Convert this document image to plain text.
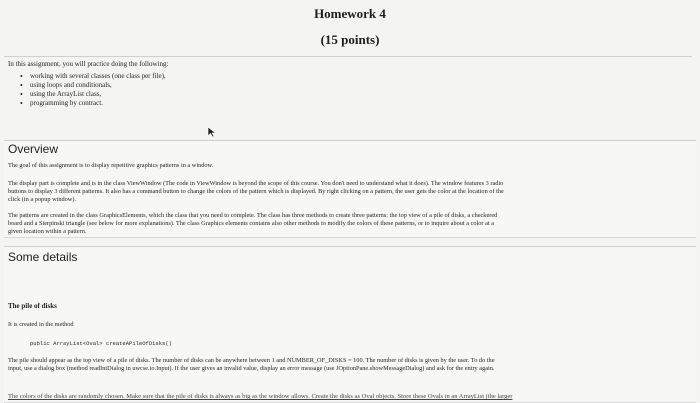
Homework 4
(15 points)
In this assignment, you will practice doing the following:
• working with several classes (one class per file),
• using loops and conditionals,
• using the ArrayList class,
• programming by contract.
Overview
The goal of this assignment is to display repetitive graphics patterns in a window.
The display part is complete and is in the class ViewWindow (The code in ViewWindow is beyond the scope of this course. You don't need to understand what it does). The window features 3 radio
buttons to display 3 different patterns. It also has a command button to change the colors of the pattern which is displayed. By right clicking on a pattern, the user gets the color at the location of the
click (in a popup window).
The patterns are created in the class GraphicsElements, which the class that you need to complete. The class has three methods to create three patterns: the top view of a pile of disks, a checkered
board and a Sierpinski triangle (see below for more explanations). The class Graphics elements contains also other methods to modify the colors of these patterns, or to inquire about a color at a
given location within a pattern.
Some details
The pile of disks
It is created in the method
public ArrayList<Oval> createAPileOfDisks()
The pile should appear as the top view of a pile of disks. The number of disks can be anywhere between 1 and NUMBER_OF_DISKS = 100. The number of disks is given by the user. To do the
input, use a dialog box (method readIntDialog in uwcse.io.Input). If the user gives an invalid value, display an error message (use JOptionPane.showMessageDialog) and ask for the entry again.
The colors of the disks are randomly chosen. Make sure that the pile of disks is always as big as the window allows. Create the disks as Oval objects. Store these Ovals in an ArrayList (the larger
